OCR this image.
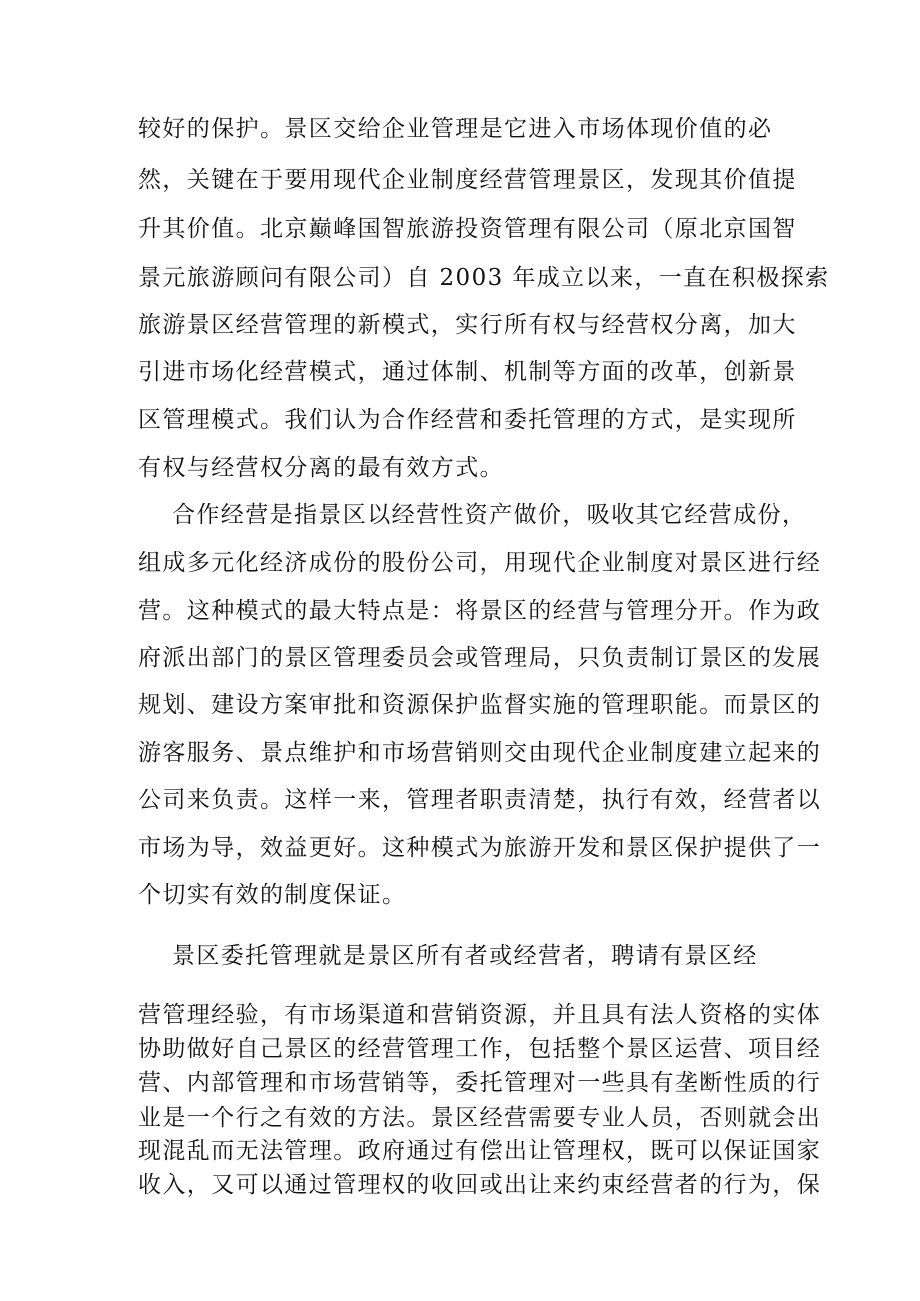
较好的保护。景区交给企业管理是它进入市场体现价值的必
然，关键在于要用现代企业制度经营管理景区，发现其价值提
升其价值。北京巅峰国智旅游投资管理有限公司（原北京国智
景元旅游顾问有限公司）自 2003 年成立以来，一直在积极探索
旅游景区经营管理的新模式，实行所有权与经营权分离，加大
引进市场化经营模式，通过体制、机制等方面的改革，创新景
区管理模式。我们认为合作经营和委托管理的方式，是实现所
有权与经营权分离的最有效方式。
合作经营是指景区以经营性资产做价，吸收其它经营成份，
组成多元化经济成份的股份公司，用现代企业制度对景区进行经
营。这种模式的最大特点是：将景区的经营与管理分开。作为政
府派出部门的景区管理委员会或管理局，只负责制订景区的发展
规划、建设方案审批和资源保护监督实施的管理职能。而景区的
游客服务、景点维护和市场营销则交由现代企业制度建立起来的
公司来负责。这样一来，管理者职责清楚，执行有效，经营者以
市场为导，效益更好。这种模式为旅游开发和景区保护提供了一
个切实有效的制度保证。
景区委托管理就是景区所有者或经营者，聘请有景区经
营管理经验，有市场渠道和营销资源，并且具有法人资格的实体
协助做好自己景区的经营管理工作，包括整个景区运营、项目经
营、内部管理和市场营销等，委托管理对一些具有垄断性质的行
业是一个行之有效的方法。景区经营需要专业人员，否则就会出
现混乱而无法管理。政府通过有偿出让管理权，既可以保证国家
收入，又可以通过管理权的收回或出让来约束经营者的行为，保
